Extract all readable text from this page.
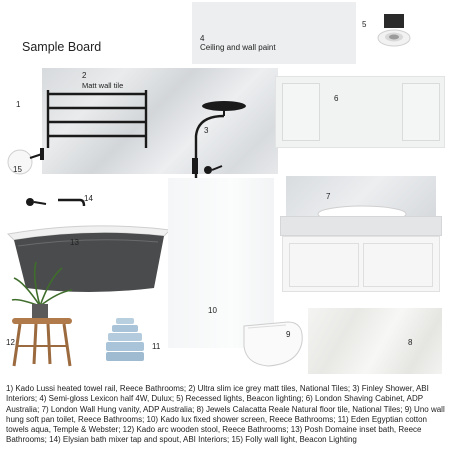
Sample Board
4
Ceiling and wall paint
5
2
Matt wall tile
1
15
3
14
13
10
6
7
8
9
12	11
1) Kado Lussi heated towel rail, Reece Bathrooms; 2) Ultra slim ice grey matt tiles, National Tiles; 3) Finley Shower, ABI Interiors; 4) Semi-gloss Lexicon half 4W, Dulux; 5) Recessed lights, Beacon lighting; 6) London Shaving Cabinet, ADP Australia; 7) London Wall Hung vanity, ADP Australia; 8) Jewels Calacatta Reale Natural floor tile, National Tiles; 9) Uno wall hung soft pan toilet, Reece Bathrooms; 10) Kado lux fixed shower screen, Reece Bathrooms; 11) Eden Egyptian cotton towels aqua, Temple & Webster; 12) Kado arc wooden stool, Reece Bathrooms; 13) Posh Domaine inset bath, Reece Bathrooms; 14) Elysian bath mixer tap and spout, ABI Interiors; 15) Folly wall light, Beacon Lighting
